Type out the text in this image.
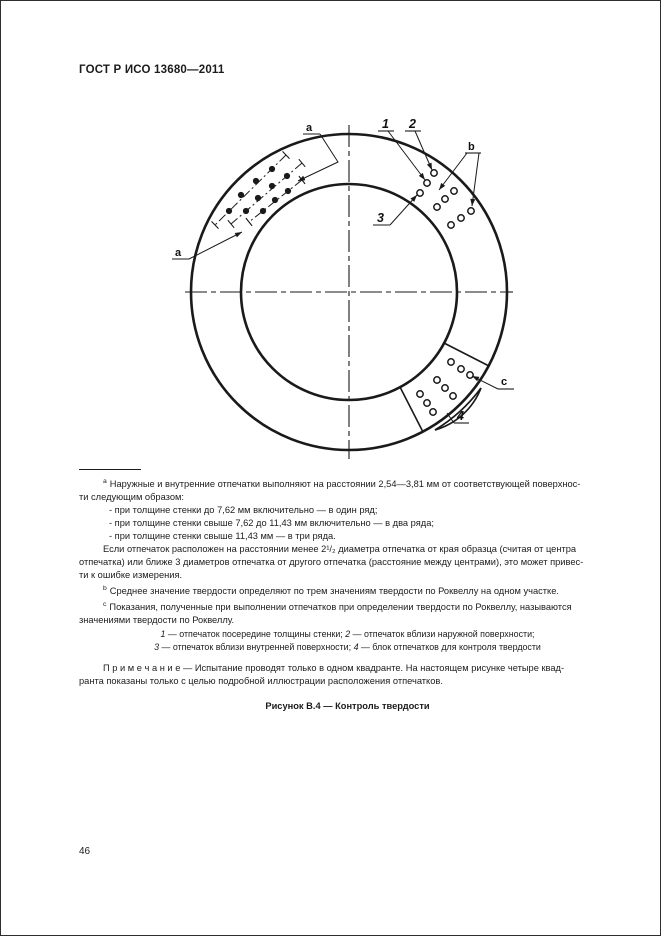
ГОСТ Р ИСО 13680—2011
a
a
1 2
b
3
c
4
$^a$ Наружные и внутренние отпечатки выполняют на расстоянии 2,54—3,81 мм от соответствующей поверхнос-
ти следующим образом:
- при толщине стенки до 7,62 мм включительно — в один ряд;
- при толщине стенки свыше 7,62 до 11,43 мм включительно — в два ряда;
- при толщине стенки свыше 11,43 мм — в три ряда.
Если отпечаток расположен на расстоянии менее 2¹/₂ диаметра отпечатка от края образца (считая от центра
отпечатка) или ближе 3 диаметров отпечатка от другого отпечатка (расстояние между центрами), это может привес-
ти к ошибке измерения.
$^b$ Среднее значение твердости определяют по трем значениям твердости по Роквеллу на одном участке.
$^c$ Показания, полученные при выполнении отпечатков при определении твердости по Роквеллу, называются
значениями твердости по Роквеллу.
1 — отпечаток посередине толщины стенки; 2 — отпечаток вблизи наружной поверхности;
3 — отпечаток вблизи внутренней поверхности; 4 — блок отпечатков для контроля твердости
П р и м е ч а н и е — Испытание проводят только в одном квадранте. На настоящем рисунке четыре квад-
ранта показаны только с целью подробной иллюстрации расположения отпечатков.
Рисунок В.4 — Контроль твердости
46
